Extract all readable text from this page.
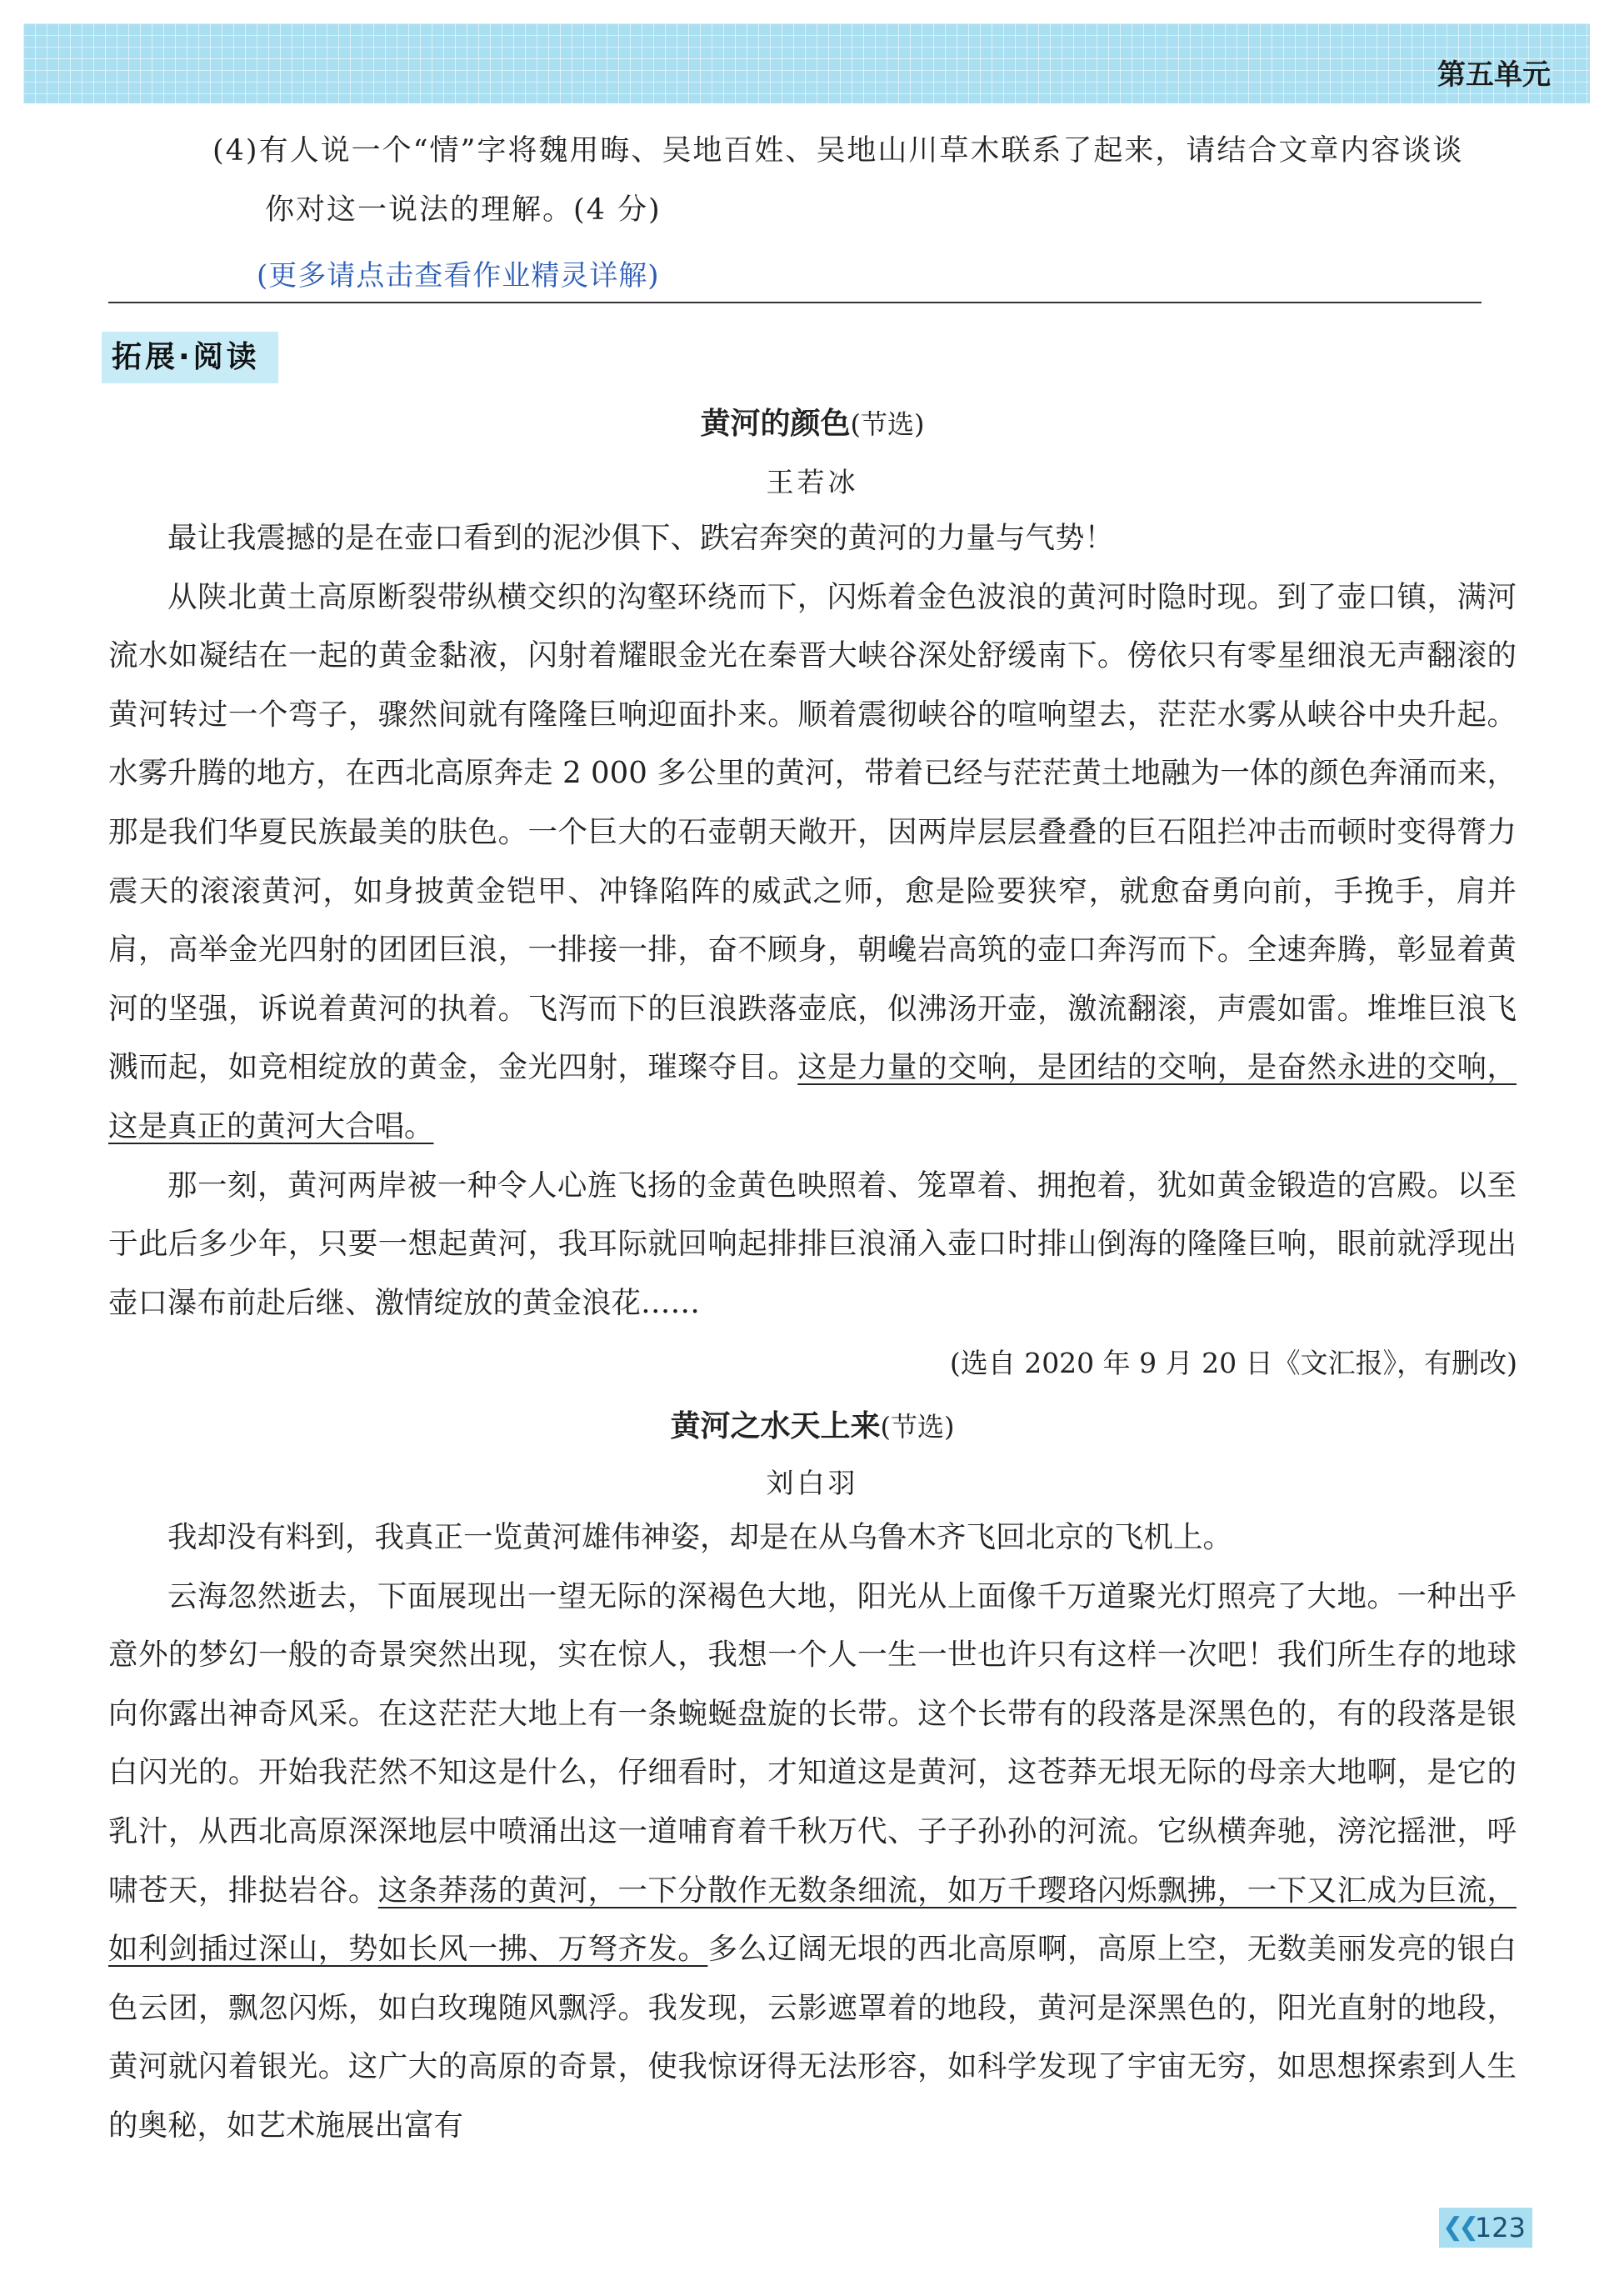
第五单元
(4)有人说一个“情”字将魏用晦、吴地百姓、吴地山川草木联系了起来，请结合文章内容谈谈
你对这一说法的理解。(4 分)
(更多请点击查看作业精灵详解)
拓展·阅读
黄河的颜色(节选)
王若冰

最让我震撼的是在壶口看到的泥沙俱下、跌宕奔突的黄河的力量与气势！

从陕北黄土高原断裂带纵横交织的沟壑环绕而下，闪烁着金色波浪的黄河时隐时现。到了壶口镇，满河流水如凝结在一起的黄金黏液，闪射着耀眼金光在秦晋大峡谷深处舒缓南下。傍依只有零星细浪无声翻滚的黄河转过一个弯子，骤然间就有隆隆巨响迎面扑来。顺着震彻峡谷的喧响望去，茫茫水雾从峡谷中央升起。水雾升腾的地方，在西北高原奔走 2 000 多公里的黄河，带着已经与茫茫黄土地融为一体的颜色奔涌而来，那是我们华夏民族最美的肤色。一个巨大的石壶朝天敞开，因两岸层层叠叠的巨石阻拦冲击而顿时变得膂力震天的滚滚黄河，如身披黄金铠甲、冲锋陷阵的威武之师，愈是险要狭窄，就愈奋勇向前，手挽手，肩并肩，高举金光四射的团团巨浪，一排接一排，奋不顾身，朝巉岩高筑的壶口奔泻而下。全速奔腾，彰显着黄河的坚强，诉说着黄河的执着。飞泻而下的巨浪跌落壶底，似沸汤开壶，激流翻滚，声震如雷。堆堆巨浪飞溅而起，如竞相绽放的黄金，金光四射，璀璨夺目。这是力量的交响，是团结的交响，是奋然永进的交响，这是真正的黄河大合唱。

那一刻，黄河两岸被一种令人心旌飞扬的金黄色映照着、笼罩着、拥抱着，犹如黄金锻造的宫殿。以至于此后多少年，只要一想起黄河，我耳际就回响起排排巨浪涌入壶口时排山倒海的隆隆巨响，眼前就浮现出壶口瀑布前赴后继、激情绽放的黄金浪花……

(选自 2020 年 9 月 20 日《文汇报》，有删改)
黄河之水天上来(节选)
刘白羽

我却没有料到，我真正一览黄河雄伟神姿，却是在从乌鲁木齐飞回北京的飞机上。

云海忽然逝去，下面展现出一望无际的深褐色大地，阳光从上面像千万道聚光灯照亮了大地。一种出乎意外的梦幻一般的奇景突然出现，实在惊人，我想一个人一生一世也许只有这样一次吧！我们所生存的地球向你露出神奇风采。在这茫茫大地上有一条蜿蜒盘旋的长带。这个长带有的段落是深黑色的，有的段落是银白闪光的。开始我茫然不知这是什么，仔细看时，才知道这是黄河，这苍莽无垠无际的母亲大地啊，是它的乳汁，从西北高原深深地层中喷涌出这一道哺育着千秋万代、子子孙孙的河流。它纵横奔驰，滂沱摇泄，呼啸苍天，排挞岩谷。这条莽荡的黄河，一下分散作无数条细流，如万千璎珞闪烁飘拂，一下又汇成为巨流，如利剑插过深山，势如长风一拂、万弩齐发。多么辽阔无垠的西北高原啊，高原上空，无数美丽发亮的银白色云团，飘忽闪烁，如白玫瑰随风飘浮。我发现，云影遮罩着的地段，黄河是深黑色的，阳光直射的地段，黄河就闪着银光。这广大的高原的奇景，使我惊讶得无法形容，如科学发现了宇宙无穷，如思想探索到人生的奥秘，如艺术施展出富有

❮❮ 123
